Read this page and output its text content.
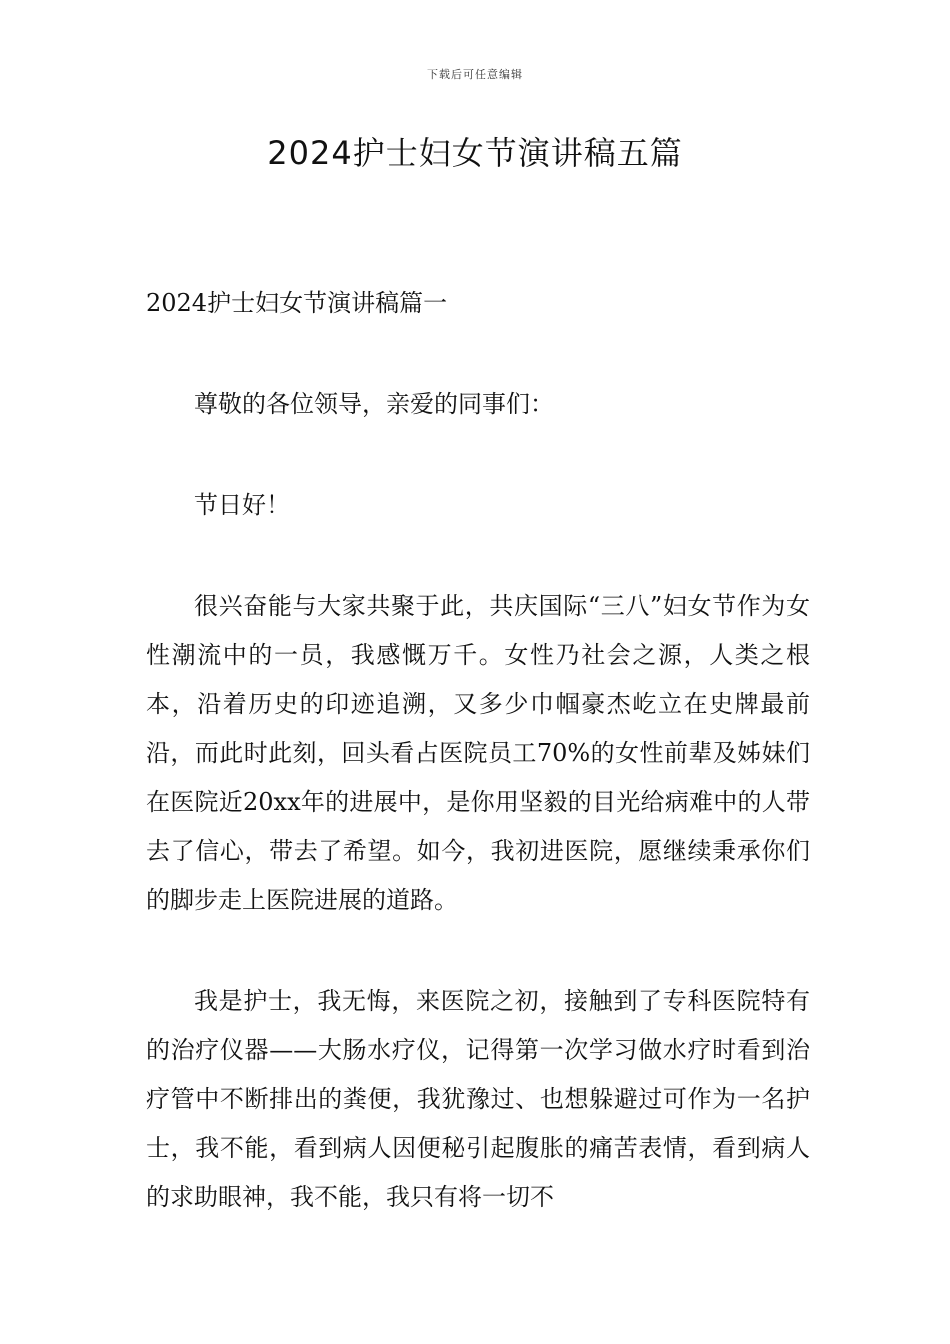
下载后可任意编辑
2024护士妇女节演讲稿五篇

2024护士妇女节演讲稿篇一

尊敬的各位领导，亲爱的同事们：

节日好！

很兴奋能与大家共聚于此，共庆国际“三八”妇女节作为女性潮流中的一员，我感慨万千。女性乃社会之源，人类之根本，沿着历史的印迹追溯，又多少巾帼豪杰屹立在史牌最前沿，而此时此刻，回头看占医院员工70%的女性前辈及姊妹们在医院近20xx年的进展中，是你用坚毅的目光给病难中的人带去了信心，带去了希望。如今，我初进医院，愿继续秉承你们的脚步走上医院进展的道路。

我是护士，我无悔，来医院之初，接触到了专科医院特有的治疗仪器——大肠水疗仪，记得第一次学习做水疗时看到治疗管中不断排出的粪便，我犹豫过、也想躲避过可作为一名护士，我不能，看到病人因便秘引起腹胀的痛苦表情，看到病人的求助眼神，我不能，我只有将一切不
